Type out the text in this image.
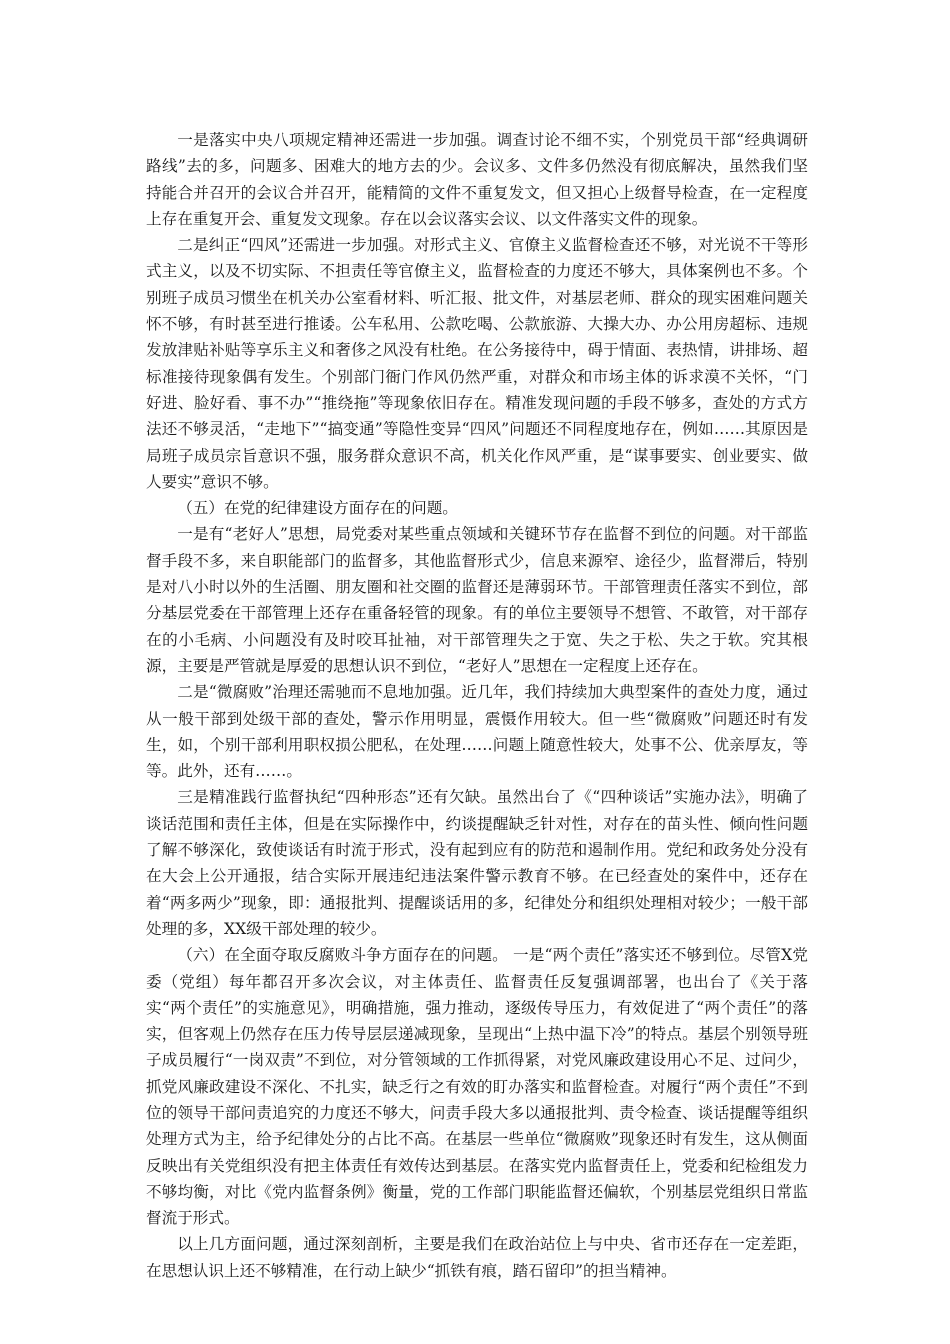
一是落实中央八项规定精神还需进一步加强。调查讨论不细不实，个别党员干部“经典调研路线”去的多，问题多、困难大的地方去的少。会议多、文件多仍然没有彻底解决，虽然我们坚持能合并召开的会议合并召开，能精简的文件不重复发文，但又担心上级督导检查，在一定程度上存在重复开会、重复发文现象。存在以会议落实会议、以文件落实文件的现象。

二是纠正“四风”还需进一步加强。对形式主义、官僚主义监督检查还不够，对光说不干等形式主义，以及不切实际、不担责任等官僚主义，监督检查的力度还不够大，具体案例也不多。个别班子成员习惯坐在机关办公室看材料、听汇报、批文件，对基层老师、群众的现实困难问题关怀不够，有时甚至进行推诿。公车私用、公款吃喝、公款旅游、大操大办、办公用房超标、违规发放津贴补贴等享乐主义和奢侈之风没有杜绝。在公务接待中，碍于情面、表热情，讲排场、超标准接待现象偶有发生。个别部门衙门作风仍然严重，对群众和市场主体的诉求漠不关怀，“门好进、脸好看、事不办”“推绕拖”等现象依旧存在。精准发现问题的手段不够多，查处的方式方法还不够灵活，“走地下”“搞变通”等隐性变异“四风”问题还不同程度地存在，例如……其原因是局班子成员宗旨意识不强，服务群众意识不高，机关化作风严重，是“谋事要实、创业要实、做人要实”意识不够。

（五）在党的纪律建设方面存在的问题。

一是有“老好人”思想，局党委对某些重点领域和关键环节存在监督不到位的问题。对干部监督手段不多，来自职能部门的监督多，其他监督形式少，信息来源窄、途径少，监督滞后，特别是对八小时以外的生活圈、朋友圈和社交圈的监督还是薄弱环节。干部管理责任落实不到位，部分基层党委在干部管理上还存在重备轻管的现象。有的单位主要领导不想管、不敢管，对干部存在的小毛病、小问题没有及时咬耳扯袖，对干部管理失之于宽、失之于松、失之于软。究其根源，主要是严管就是厚爱的思想认识不到位，“老好人”思想在一定程度上还存在。

二是“微腐败”治理还需驰而不息地加强。近几年，我们持续加大典型案件的查处力度，通过从一般干部到处级干部的查处，警示作用明显，震慑作用较大。但一些“微腐败”问题还时有发生，如，个别干部利用职权损公肥私，在处理……问题上随意性较大，处事不公、优亲厚友，等等。此外，还有……。

三是精准践行监督执纪“四种形态”还有欠缺。虽然出台了《“四种谈话”实施办法》，明确了谈话范围和责任主体，但是在实际操作中，约谈提醒缺乏针对性，对存在的苗头性、倾向性问题了解不够深化，致使谈话有时流于形式，没有起到应有的防范和遏制作用。党纪和政务处分没有在大会上公开通报，结合实际开展违纪违法案件警示教育不够。在已经查处的案件中，还存在着“两多两少”现象，即：通报批判、提醒谈话用的多，纪律处分和组织处理相对较少；一般干部处理的多，XX级干部处理的较少。

（六）在全面夺取反腐败斗争方面存在的问题。 一是“两个责任”落实还不够到位。尽管X党委（党组）每年都召开多次会议，对主体责任、监督责任反复强调部署，也出台了《关于落实“两个责任”的实施意见》，明确措施，强力推动，逐级传导压力，有效促进了“两个责任”的落实，但客观上仍然存在压力传导层层递减现象，呈现出“上热中温下冷”的特点。基层个别领导班子成员履行“一岗双责”不到位，对分管领域的工作抓得紧，对党风廉政建设用心不足、过问少，抓党风廉政建设不深化、不扎实，缺乏行之有效的盯办落实和监督检查。对履行“两个责任”不到位的领导干部问责追究的力度还不够大，问责手段大多以通报批判、责令检查、谈话提醒等组织处理方式为主，给予纪律处分的占比不高。在基层一些单位“微腐败”现象还时有发生，这从侧面反映出有关党组织没有把主体责任有效传达到基层。在落实党内监督责任上，党委和纪检组发力不够均衡，对比《党内监督条例》衡量，党的工作部门职能监督还偏软，个别基层党组织日常监督流于形式。

以上几方面问题，通过深刻剖析，主要是我们在政治站位上与中央、省市还存在一定差距，在思想认识上还不够精准，在行动上缺少“抓铁有痕，踏石留印”的担当精神。
